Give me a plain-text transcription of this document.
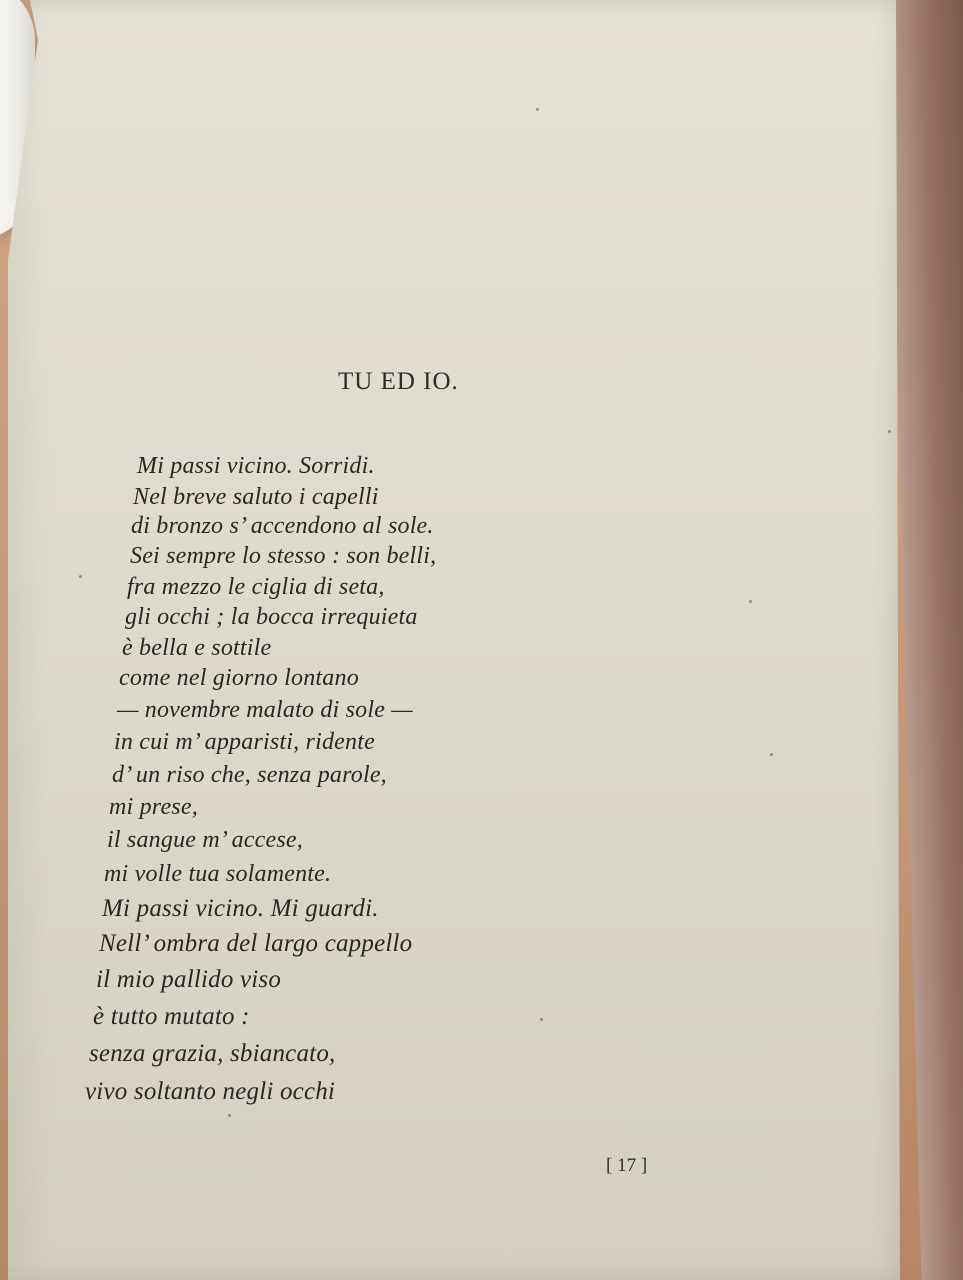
TU ED IO.
Mi passi vicino. Sorridi.
Nel breve saluto i capelli
di bronzo s’ accendono al sole.
Sei sempre lo stesso : son belli,
fra mezzo le ciglia di seta,
gli occhi ; la bocca irrequieta
è bella e sottile
come nel giorno lontano
— novembre malato di sole —
in cui m’ apparisti, ridente
d’ un riso che, senza parole,
mi prese,
il sangue m’ accese,
mi volle tua solamente.
Mi passi vicino. Mi guardi.
Nell’ ombra del largo cappello
il mio pallido viso
è tutto mutato :
senza grazia, sbiancato,
vivo soltanto negli occhi

[ 17 ]
